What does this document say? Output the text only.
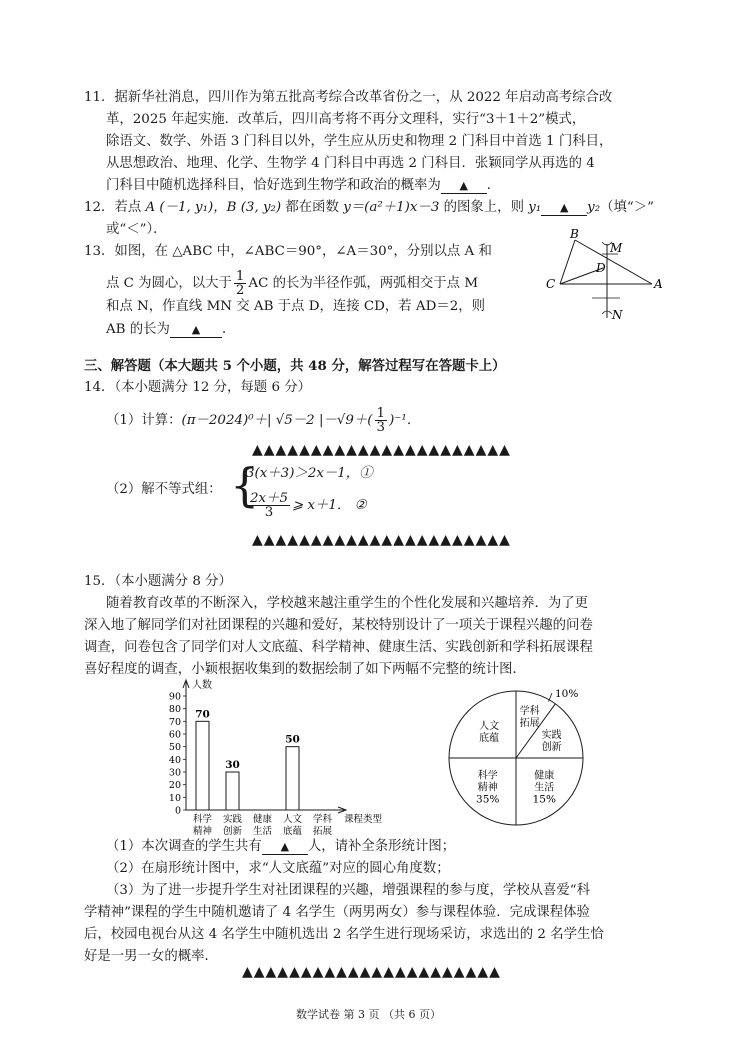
11．据新华社消息，四川作为第五批高考综合改革省份之一，从 2022 年启动高考综合改
革，2025 年起实施．改革后，四川高考将不再分文理科，实行“3＋1＋2”模式，
除语文、数学、外语 3 门科目以外，学生应从历史和物理 2 门科目中首选 1 门科目，
从思想政治、地理、化学、生物学 4 门科目中再选 2 门科目．张颖同学从再选的 4
门科目中随机选择科目，恰好选到生物学和政治的概率为 ▲ ．
12．若点 A (－1, y₁)，B (3, y₂) 都在函数 y＝(a²＋1)x－3 的图象上，则 y₁ ▲ y₂（填“＞”
或“＜”）．
13．如图，在 △ABC 中，∠ABC＝90°，∠A＝30°，分别以点 A 和
点 C 为圆心，以大于 $\frac{1}{2}$ AC 的长为半径作弧，两弧相交于点 M
和点 N，作直线 MN 交 AB 于点 D，连接 CD，若 AD＝2，则
AB 的长为 ▲ ．
B
M
D
C	A
N
三、解答题（本大题共 5 个小题，共 48 分，解答过程写在答题卡上）
14．（本小题满分 12 分，每题 6 分）
（1）计算：(π－2024)⁰＋| √5－2 $|-√9+( \frac{1}{3} )^{-1}$．
▲▲▲▲▲▲▲▲▲▲▲▲▲▲▲▲▲▲▲▲▲▲
（2）解不等式组： {
3(x＋3)＞2x－1，①
$\frac{2x+5}{3}$ ⩾ x＋1． ②
▲▲▲▲▲▲▲▲▲▲▲▲▲▲▲▲▲▲▲▲▲▲
15．（本小题满分 8 分）
随着教育改革的不断深入，学校越来越注重学生的个性化发展和兴趣培养．为了更
深入地了解同学们对社团课程的兴趣和爱好，某校特别设计了一项关于课程兴趣的问卷
调查，问卷包含了同学们对人文底蕴、科学精神、健康生活、实践创新和学科拓展课程
喜好程度的调查，小颖根据收集到的数据绘制了如下两幅不完整的统计图．
人数
0
10
20
30
40
50
60
70
80
90
70
科学
精神
30
实践
创新
健康
生活
50
人文
底蕴
学科
拓展
课程类型
学科
拓展
实践
创新
健康
生活
15%
科学
精神
35%
人文
底蕴
10%
（1）本次调查的学生共有 ▲ 人，请补全条形统计图；
（2）在扇形统计图中，求“人文底蕴”对应的圆心角度数；
（3）为了进一步提升学生对社团课程的兴趣，增强课程的参与度，学校从喜爱“科
学精神”课程的学生中随机邀请了 4 名学生（两男两女）参与课程体验．完成课程体验
后，校园电视台从这 4 名学生中随机选出 2 名学生进行现场采访，求选出的 2 名学生恰
好是一男一女的概率．
▲▲▲▲▲▲▲▲▲▲▲▲▲▲▲▲▲▲▲▲▲▲
数学试卷 第 3 页 （共 6 页）
